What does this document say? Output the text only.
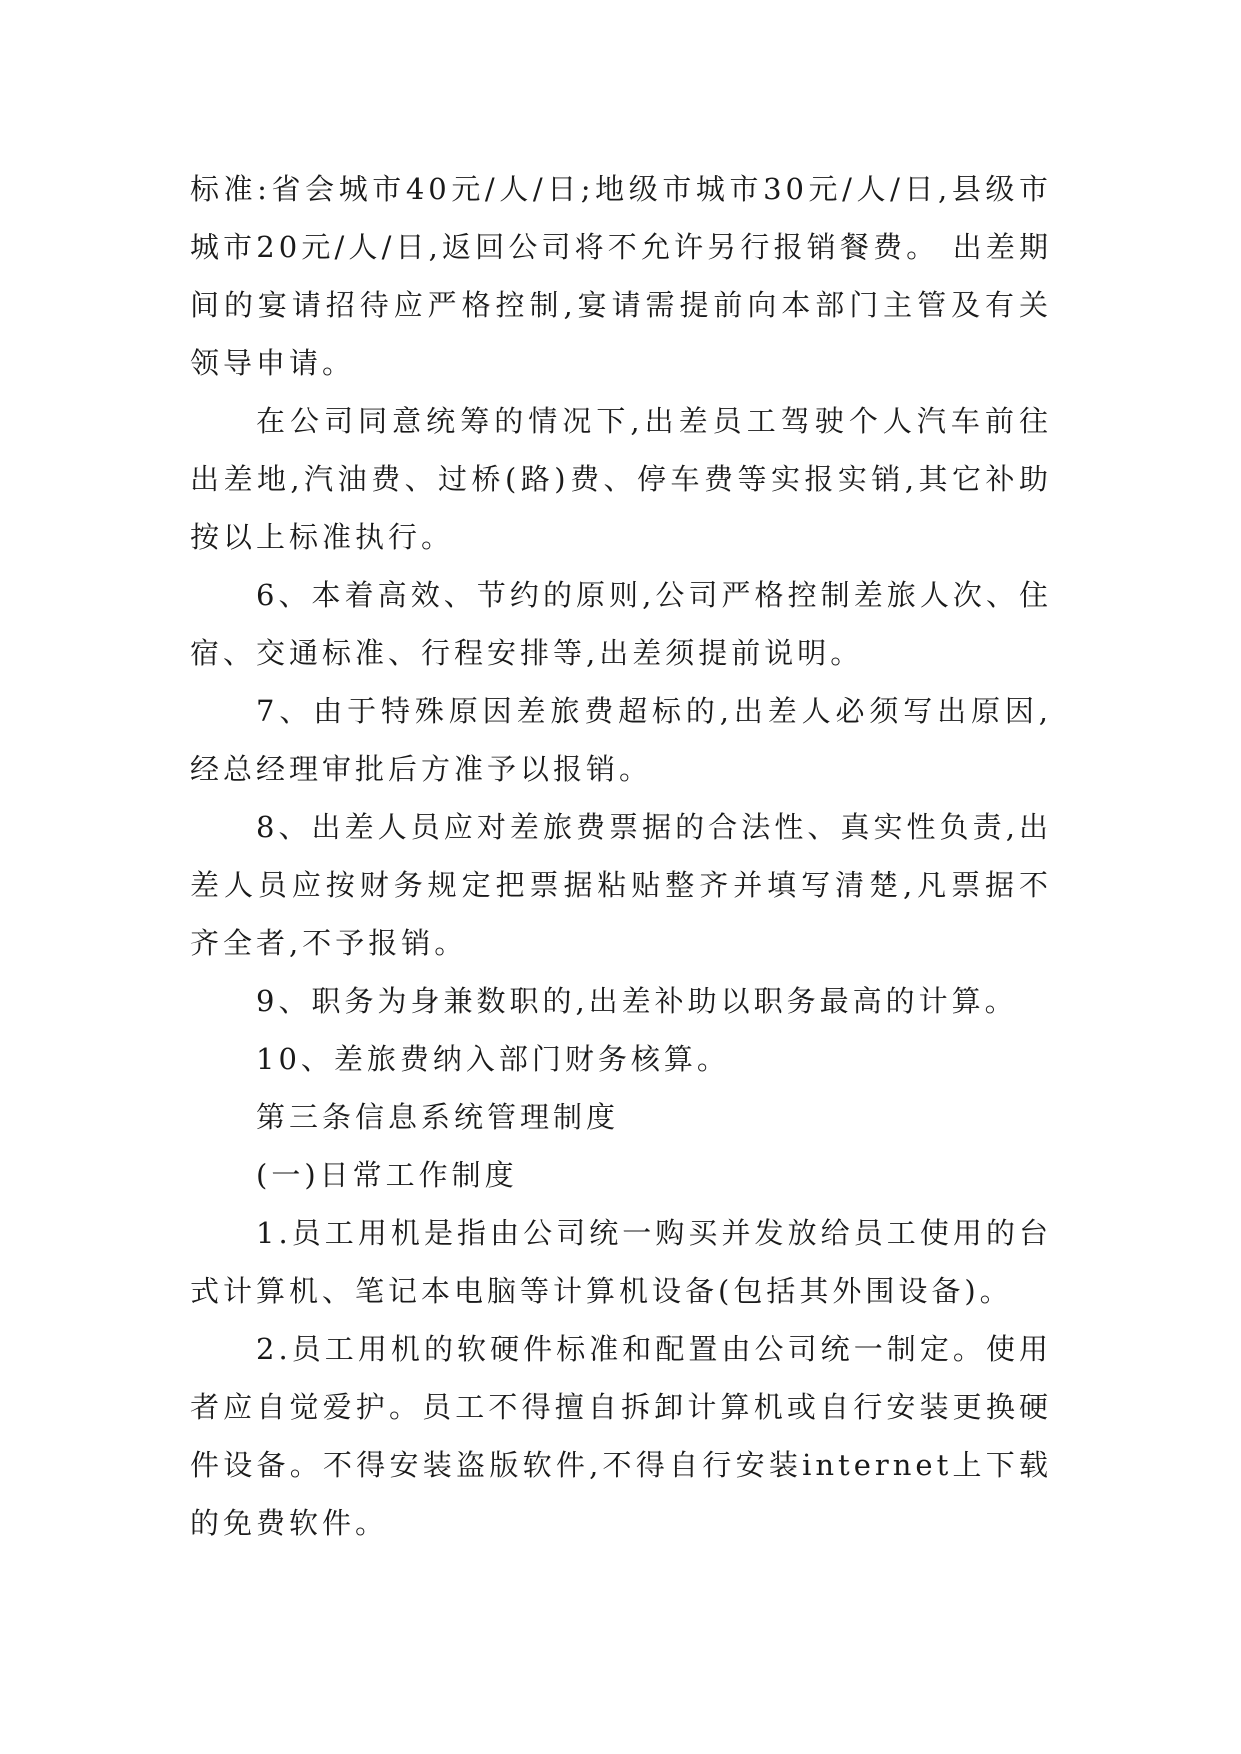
标准:省会城市40元/人/日;地级市城市30元/人/日,县级市城市20元/人/日,返回公司将不允许另行报销餐费。 出差期间的宴请招待应严格控制,宴请需提前向本部门主管及有关领导申请。

在公司同意统筹的情况下,出差员工驾驶个人汽车前往出差地,汽油费、过桥(路)费、停车费等实报实销,其它补助按以上标准执行。

6、本着高效、节约的原则,公司严格控制差旅人次、住宿、交通标准、行程安排等,出差须提前说明。

7、由于特殊原因差旅费超标的,出差人必须写出原因,经总经理审批后方准予以报销。

8、出差人员应对差旅费票据的合法性、真实性负责,出差人员应按财务规定把票据粘贴整齐并填写清楚,凡票据不齐全者,不予报销。

9、职务为身兼数职的,出差补助以职务最高的计算。

10、差旅费纳入部门财务核算。

第三条信息系统管理制度

(一)日常工作制度

1.员工用机是指由公司统一购买并发放给员工使用的台式计算机、笔记本电脑等计算机设备(包括其外围设备)。

2.员工用机的软硬件标准和配置由公司统一制定。使用者应自觉爱护。员工不得擅自拆卸计算机或自行安装更换硬件设备。不得安装盗版软件,不得自行安装internet上下载的免费软件。
